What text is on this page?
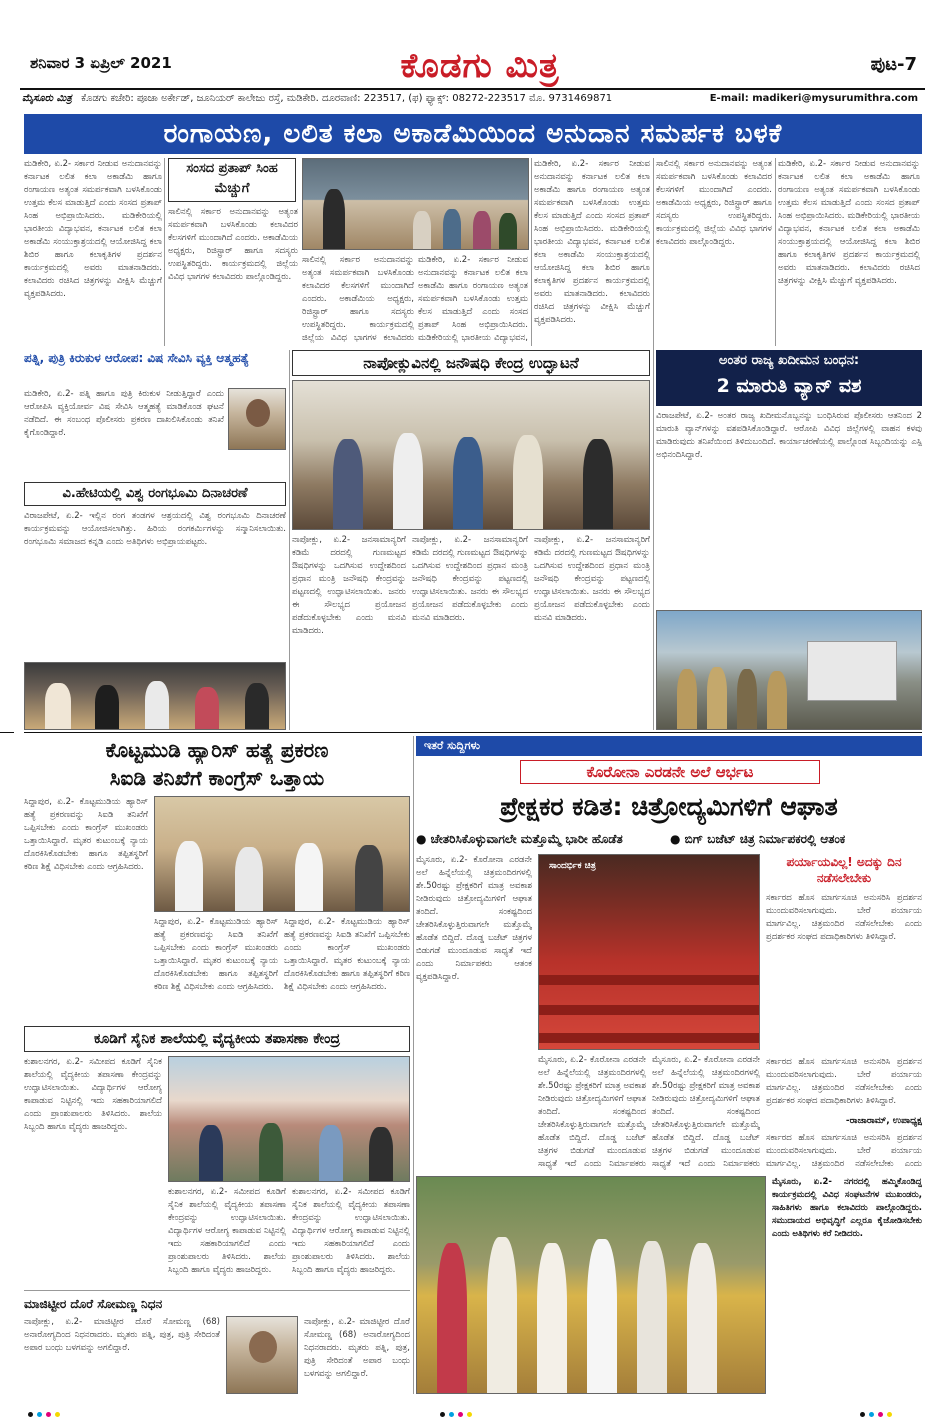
ಶನಿವಾರ 3 ಏಪ್ರಿಲ್ 2021	ಕೊಡಗು ಮಿತ್ರ	ಪುಟ-7
ಮೈಸೂರು ಮಿತ್ರ ಕೊಡಗು ಕಚೇರಿ: ಪೂಜಾ ಅರ್ಕೇಡ್, ಜೂನಿಯರ್ ಕಾಲೇಜು ರಸ್ತೆ, ಮಡಿಕೇರಿ. ದೂರವಾಣಿ: 223517, (ಫ) ಫ್ಯಾಕ್ಸ್: 08272-223517 ಮೊ. 9731469871	E-mail: madikeri@mysurumithra.com
ರಂಗಾಯಣ, ಲಲಿತ ಕಲಾ ಅಕಾಡೆಮಿಯಿಂದ ಅನುದಾನ ಸಮರ್ಪಕ ಬಳಕೆ
ಮಡಿಕೇರಿ, ಏ.2- ಸರ್ಕಾರ ನೀಡುವ ಅನುದಾನವನ್ನು ಕರ್ನಾಟಕ ಲಲಿತ ಕಲಾ ಅಕಾಡೆಮಿ ಹಾಗೂ ರಂಗಾಯಣ ಅತ್ಯಂತ ಸಮರ್ಪಕವಾಗಿ ಬಳಸಿಕೊಂಡು ಉತ್ತಮ ಕೆಲಸ ಮಾಡುತ್ತಿದೆ ಎಂದು ಸಂಸದ ಪ್ರತಾಪ್ ಸಿಂಹ ಅಭಿಪ್ರಾಯಿಸಿದರು. ಮಡಿಕೇರಿಯಲ್ಲಿ ಭಾರತೀಯ ವಿದ್ಯಾಭವನ, ಕರ್ನಾಟಕ ಲಲಿತ ಕಲಾ ಅಕಾಡೆಮಿ ಸಂಯುಕ್ತಾಶ್ರಯದಲ್ಲಿ ಆಯೋಜಿಸಿದ್ದ ಕಲಾ ಶಿಬಿರ ಹಾಗೂ ಕಲಾಕೃತಿಗಳ ಪ್ರದರ್ಶನ ಕಾರ್ಯಕ್ರಮದಲ್ಲಿ ಅವರು ಮಾತನಾಡಿದರು. ಕಲಾವಿದರು ರಚಿಸಿದ ಚಿತ್ರಗಳನ್ನು ವೀಕ್ಷಿಸಿ ಮೆಚ್ಚುಗೆ ವ್ಯಕ್ತಪಡಿಸಿದರು.
ಸಂಸದ ಪ್ರತಾಪ್ ಸಿಂಹ ಮೆಚ್ಚುಗೆ
ಸಾಲಿನಲ್ಲಿ ಸರ್ಕಾರ ಅನುದಾನವನ್ನು ಅತ್ಯಂತ ಸಮರ್ಪಕವಾಗಿ ಬಳಸಿಕೊಂಡು ಕಲಾವಿದರ ಕೆಲಸಗಳಿಗೆ ಮುಂದಾಗಿದೆ ಎಂದರು. ಅಕಾಡೆಮಿಯ ಅಧ್ಯಕ್ಷರು, ರಿಜಿಸ್ಟ್ರಾರ್ ಹಾಗೂ ಸದಸ್ಯರು ಉಪಸ್ಥಿತರಿದ್ದರು. ಕಾರ್ಯಕ್ರಮದಲ್ಲಿ ಜಿಲ್ಲೆಯ ವಿವಿಧ ಭಾಗಗಳ ಕಲಾವಿದರು ಪಾಲ್ಗೊಂಡಿದ್ದರು.
ಸಾಲಿನಲ್ಲಿ ಸರ್ಕಾರ ಅನುದಾನವನ್ನು ಅತ್ಯಂತ ಸಮರ್ಪಕವಾಗಿ ಬಳಸಿಕೊಂಡು ಕಲಾವಿದರ ಕೆಲಸಗಳಿಗೆ ಮುಂದಾಗಿದೆ ಎಂದರು. ಅಕಾಡೆಮಿಯ ಅಧ್ಯಕ್ಷರು, ರಿಜಿಸ್ಟ್ರಾರ್ ಹಾಗೂ ಸದಸ್ಯರು ಉಪಸ್ಥಿತರಿದ್ದರು. ಕಾರ್ಯಕ್ರಮದಲ್ಲಿ ಜಿಲ್ಲೆಯ ವಿವಿಧ ಭಾಗಗಳ ಕಲಾವಿದರು
ಮಡಿಕೇರಿ, ಏ.2- ಸರ್ಕಾರ ನೀಡುವ ಅನುದಾನವನ್ನು ಕರ್ನಾಟಕ ಲಲಿತ ಕಲಾ ಅಕಾಡೆಮಿ ಹಾಗೂ ರಂಗಾಯಣ ಅತ್ಯಂತ ಸಮರ್ಪಕವಾಗಿ ಬಳಸಿಕೊಂಡು ಉತ್ತಮ ಕೆಲಸ ಮಾಡುತ್ತಿದೆ ಎಂದು ಸಂಸದ ಪ್ರತಾಪ್ ಸಿಂಹ ಅಭಿಪ್ರಾಯಿಸಿದರು. ಮಡಿಕೇರಿಯಲ್ಲಿ ಭಾರತೀಯ ವಿದ್ಯಾಭವನ,
ಮಡಿಕೇರಿ, ಏ.2- ಸರ್ಕಾರ ನೀಡುವ ಅನುದಾನವನ್ನು ಕರ್ನಾಟಕ ಲಲಿತ ಕಲಾ ಅಕಾಡೆಮಿ ಹಾಗೂ ರಂಗಾಯಣ ಅತ್ಯಂತ ಸಮರ್ಪಕವಾಗಿ ಬಳಸಿಕೊಂಡು ಉತ್ತಮ ಕೆಲಸ ಮಾಡುತ್ತಿದೆ ಎಂದು ಸಂಸದ ಪ್ರತಾಪ್ ಸಿಂಹ ಅಭಿಪ್ರಾಯಿಸಿದರು. ಮಡಿಕೇರಿಯಲ್ಲಿ ಭಾರತೀಯ ವಿದ್ಯಾಭವನ, ಕರ್ನಾಟಕ ಲಲಿತ ಕಲಾ ಅಕಾಡೆಮಿ ಸಂಯುಕ್ತಾಶ್ರಯದಲ್ಲಿ ಆಯೋಜಿಸಿದ್ದ ಕಲಾ ಶಿಬಿರ ಹಾಗೂ ಕಲಾಕೃತಿಗಳ ಪ್ರದರ್ಶನ ಕಾರ್ಯಕ್ರಮದಲ್ಲಿ ಅವರು ಮಾತನಾಡಿದರು. ಕಲಾವಿದರು ರಚಿಸಿದ ಚಿತ್ರಗಳನ್ನು ವೀಕ್ಷಿಸಿ ಮೆಚ್ಚುಗೆ ವ್ಯಕ್ತಪಡಿಸಿದರು.
ಸಾಲಿನಲ್ಲಿ ಸರ್ಕಾರ ಅನುದಾನವನ್ನು ಅತ್ಯಂತ ಸಮರ್ಪಕವಾಗಿ ಬಳಸಿಕೊಂಡು ಕಲಾವಿದರ ಕೆಲಸಗಳಿಗೆ ಮುಂದಾಗಿದೆ ಎಂದರು. ಅಕಾಡೆಮಿಯ ಅಧ್ಯಕ್ಷರು, ರಿಜಿಸ್ಟ್ರಾರ್ ಹಾಗೂ ಸದಸ್ಯರು ಉಪಸ್ಥಿತರಿದ್ದರು. ಕಾರ್ಯಕ್ರಮದಲ್ಲಿ ಜಿಲ್ಲೆಯ ವಿವಿಧ ಭಾಗಗಳ ಕಲಾವಿದರು ಪಾಲ್ಗೊಂಡಿದ್ದರು.
ಮಡಿಕೇರಿ, ಏ.2- ಸರ್ಕಾರ ನೀಡುವ ಅನುದಾನವನ್ನು ಕರ್ನಾಟಕ ಲಲಿತ ಕಲಾ ಅಕಾಡೆಮಿ ಹಾಗೂ ರಂಗಾಯಣ ಅತ್ಯಂತ ಸಮರ್ಪಕವಾಗಿ ಬಳಸಿಕೊಂಡು ಉತ್ತಮ ಕೆಲಸ ಮಾಡುತ್ತಿದೆ ಎಂದು ಸಂಸದ ಪ್ರತಾಪ್ ಸಿಂಹ ಅಭಿಪ್ರಾಯಿಸಿದರು. ಮಡಿಕೇರಿಯಲ್ಲಿ ಭಾರತೀಯ ವಿದ್ಯಾಭವನ, ಕರ್ನಾಟಕ ಲಲಿತ ಕಲಾ ಅಕಾಡೆಮಿ ಸಂಯುಕ್ತಾಶ್ರಯದಲ್ಲಿ ಆಯೋಜಿಸಿದ್ದ ಕಲಾ ಶಿಬಿರ ಹಾಗೂ ಕಲಾಕೃತಿಗಳ ಪ್ರದರ್ಶನ ಕಾರ್ಯಕ್ರಮದಲ್ಲಿ ಅವರು ಮಾತನಾಡಿದರು. ಕಲಾವಿದರು ರಚಿಸಿದ ಚಿತ್ರಗಳನ್ನು ವೀಕ್ಷಿಸಿ ಮೆಚ್ಚುಗೆ ವ್ಯಕ್ತಪಡಿಸಿದರು.
ಪತ್ನಿ, ಪುತ್ರಿ ಕಿರುಕುಳ ಆರೋಪ: ವಿಷ ಸೇವಿಸಿ ವ್ಯಕ್ತಿ ಆತ್ಮಹತ್ಯೆ
ಮಡಿಕೇರಿ, ಏ.2- ಪತ್ನಿ ಹಾಗೂ ಪುತ್ರಿ ಕಿರುಕುಳ ನೀಡುತ್ತಿದ್ದಾರೆ ಎಂದು ಆರೋಪಿಸಿ ವ್ಯಕ್ತಿಯೋರ್ವ ವಿಷ ಸೇವಿಸಿ ಆತ್ಮಹತ್ಯೆ ಮಾಡಿಕೊಂಡ ಘಟನೆ ನಡೆದಿದೆ. ಈ ಸಂಬಂಧ ಪೊಲೀಸರು ಪ್ರಕರಣ ದಾಖಲಿಸಿಕೊಂಡು ತನಿಖೆ ಕೈಗೊಂಡಿದ್ದಾರೆ.
ವಿ.ಹೇಟಿಯಲ್ಲಿ ವಿಶ್ವ ರಂಗಭೂಮಿ ದಿನಾಚರಣೆ
ವಿರಾಜಪೇಟೆ, ಏ.2- ಇಲ್ಲಿನ ರಂಗ ತಂಡಗಳ ಆಶ್ರಯದಲ್ಲಿ ವಿಶ್ವ ರಂಗಭೂಮಿ ದಿನಾಚರಣೆ ಕಾರ್ಯಕ್ರಮವನ್ನು ಆಯೋಜಿಸಲಾಗಿತ್ತು. ಹಿರಿಯ ರಂಗಕರ್ಮಿಗಳನ್ನು ಸನ್ಮಾನಿಸಲಾಯಿತು. ರಂಗಭೂಮಿ ಸಮಾಜದ ಕನ್ನಡಿ ಎಂದು ಅತಿಥಿಗಳು ಅಭಿಪ್ರಾಯಪಟ್ಟರು.
ನಾಪೋಕ್ಲುವಿನಲ್ಲಿ ಜನೌಷಧಿ ಕೇಂದ್ರ ಉದ್ಘಾಟನೆ
ನಾಪೋಕ್ಲು, ಏ.2- ಜನಸಾಮಾನ್ಯರಿಗೆ ಕಡಿಮೆ ದರದಲ್ಲಿ ಗುಣಮಟ್ಟದ ಔಷಧಿಗಳನ್ನು ಒದಗಿಸುವ ಉದ್ದೇಶದಿಂದ ಪ್ರಧಾನ ಮಂತ್ರಿ ಜನೌಷಧಿ ಕೇಂದ್ರವನ್ನು ಪಟ್ಟಣದಲ್ಲಿ ಉದ್ಘಾಟಿಸಲಾಯಿತು. ಜನರು ಈ ಸೌಲಭ್ಯದ ಪ್ರಯೋಜನ ಪಡೆದುಕೊಳ್ಳಬೇಕು ಎಂದು ಮನವಿ ಮಾಡಿದರು.
ನಾಪೋಕ್ಲು, ಏ.2- ಜನಸಾಮಾನ್ಯರಿಗೆ ಕಡಿಮೆ ದರದಲ್ಲಿ ಗುಣಮಟ್ಟದ ಔಷಧಿಗಳನ್ನು ಒದಗಿಸುವ ಉದ್ದೇಶದಿಂದ ಪ್ರಧಾನ ಮಂತ್ರಿ ಜನೌಷಧಿ ಕೇಂದ್ರವನ್ನು ಪಟ್ಟಣದಲ್ಲಿ ಉದ್ಘಾಟಿಸಲಾಯಿತು. ಜನರು ಈ ಸೌಲಭ್ಯದ ಪ್ರಯೋಜನ ಪಡೆದುಕೊಳ್ಳಬೇಕು ಎಂದು ಮನವಿ ಮಾಡಿದರು.
ನಾಪೋಕ್ಲು, ಏ.2- ಜನಸಾಮಾನ್ಯರಿಗೆ ಕಡಿಮೆ ದರದಲ್ಲಿ ಗುಣಮಟ್ಟದ ಔಷಧಿಗಳನ್ನು ಒದಗಿಸುವ ಉದ್ದೇಶದಿಂದ ಪ್ರಧಾನ ಮಂತ್ರಿ ಜನೌಷಧಿ ಕೇಂದ್ರವನ್ನು ಪಟ್ಟಣದಲ್ಲಿ ಉದ್ಘಾಟಿಸಲಾಯಿತು. ಜನರು ಈ ಸೌಲಭ್ಯದ ಪ್ರಯೋಜನ ಪಡೆದುಕೊಳ್ಳಬೇಕು ಎಂದು ಮನವಿ ಮಾಡಿದರು.
ಅಂತರ ರಾಜ್ಯ ಖದೀಮನ ಬಂಧನ:
2 ಮಾರುತಿ ವ್ಯಾನ್ ವಶ
ವಿರಾಜಪೇಟೆ, ಏ.2- ಅಂತರ ರಾಜ್ಯ ಖದೀಮನೊಬ್ಬನನ್ನು ಬಂಧಿಸಿರುವ ಪೊಲೀಸರು ಆತನಿಂದ 2 ಮಾರುತಿ ವ್ಯಾನ್‌ಗಳನ್ನು ವಶಪಡಿಸಿಕೊಂಡಿದ್ದಾರೆ. ಆರೋಪಿ ವಿವಿಧ ಜಿಲ್ಲೆಗಳಲ್ಲಿ ವಾಹನ ಕಳವು ಮಾಡಿರುವುದು ತನಿಖೆಯಿಂದ ತಿಳಿದುಬಂದಿದೆ. ಕಾರ್ಯಾಚರಣೆಯಲ್ಲಿ ಪಾಲ್ಗೊಂಡ ಸಿಬ್ಬಂದಿಯನ್ನು ಎಸ್ಪಿ ಅಭಿನಂದಿಸಿದ್ದಾರೆ.
ಕೊಟ್ಟಮುಡಿ ಹ್ಯಾರಿಸ್ ಹತ್ಯೆ ಪ್ರಕರಣ
ಸಿಐಡಿ ತನಿಖೆಗೆ ಕಾಂಗ್ರೆಸ್ ಒತ್ತಾಯ
ಸಿದ್ದಾಪುರ, ಏ.2- ಕೊಟ್ಟಮುಡಿಯ ಹ್ಯಾರಿಸ್ ಹತ್ಯೆ ಪ್ರಕರಣವನ್ನು ಸಿಐಡಿ ತನಿಖೆಗೆ ಒಪ್ಪಿಸಬೇಕು ಎಂದು ಕಾಂಗ್ರೆಸ್ ಮುಖಂಡರು ಒತ್ತಾಯಿಸಿದ್ದಾರೆ. ಮೃತರ ಕುಟುಂಬಕ್ಕೆ ನ್ಯಾಯ ದೊರಕಿಸಿಕೊಡಬೇಕು ಹಾಗೂ ತಪ್ಪಿತಸ್ಥರಿಗೆ ಕಠಿಣ ಶಿಕ್ಷೆ ವಿಧಿಸಬೇಕು ಎಂದು ಆಗ್ರಹಿಸಿದರು.
ಸಿದ್ದಾಪುರ, ಏ.2- ಕೊಟ್ಟಮುಡಿಯ ಹ್ಯಾರಿಸ್ ಹತ್ಯೆ ಪ್ರಕರಣವನ್ನು ಸಿಐಡಿ ತನಿಖೆಗೆ ಒಪ್ಪಿಸಬೇಕು ಎಂದು ಕಾಂಗ್ರೆಸ್ ಮುಖಂಡರು ಒತ್ತಾಯಿಸಿದ್ದಾರೆ. ಮೃತರ ಕುಟುಂಬಕ್ಕೆ ನ್ಯಾಯ ದೊರಕಿಸಿಕೊಡಬೇಕು ಹಾಗೂ ತಪ್ಪಿತಸ್ಥರಿಗೆ ಕಠಿಣ ಶಿಕ್ಷೆ ವಿಧಿಸಬೇಕು ಎಂದು ಆಗ್ರಹಿಸಿದರು.
ಸಿದ್ದಾಪುರ, ಏ.2- ಕೊಟ್ಟಮುಡಿಯ ಹ್ಯಾರಿಸ್ ಹತ್ಯೆ ಪ್ರಕರಣವನ್ನು ಸಿಐಡಿ ತನಿಖೆಗೆ ಒಪ್ಪಿಸಬೇಕು ಎಂದು ಕಾಂಗ್ರೆಸ್ ಮುಖಂಡರು ಒತ್ತಾಯಿಸಿದ್ದಾರೆ. ಮೃತರ ಕುಟುಂಬಕ್ಕೆ ನ್ಯಾಯ ದೊರಕಿಸಿಕೊಡಬೇಕು ಹಾಗೂ ತಪ್ಪಿತಸ್ಥರಿಗೆ ಕಠಿಣ ಶಿಕ್ಷೆ ವಿಧಿಸಬೇಕು ಎಂದು ಆಗ್ರಹಿಸಿದರು.
ಕೂಡಿಗೆ ಸೈನಿಕ ಶಾಲೆಯಲ್ಲಿ ವೈದ್ಯಕೀಯ ತಪಾಸಣಾ ಕೇಂದ್ರ
ಕುಶಾಲನಗರ, ಏ.2- ಸಮೀಪದ ಕೂಡಿಗೆ ಸೈನಿಕ ಶಾಲೆಯಲ್ಲಿ ವೈದ್ಯಕೀಯ ತಪಾಸಣಾ ಕೇಂದ್ರವನ್ನು ಉದ್ಘಾಟಿಸಲಾಯಿತು. ವಿದ್ಯಾರ್ಥಿಗಳ ಆರೋಗ್ಯ ಕಾಪಾಡುವ ನಿಟ್ಟಿನಲ್ಲಿ ಇದು ಸಹಕಾರಿಯಾಗಲಿದೆ ಎಂದು ಪ್ರಾಂಶುಪಾಲರು ತಿಳಿಸಿದರು. ಶಾಲೆಯ ಸಿಬ್ಬಂದಿ ಹಾಗೂ ವೈದ್ಯರು ಹಾಜರಿದ್ದರು.
ಕುಶಾಲನಗರ, ಏ.2- ಸಮೀಪದ ಕೂಡಿಗೆ ಸೈನಿಕ ಶಾಲೆಯಲ್ಲಿ ವೈದ್ಯಕೀಯ ತಪಾಸಣಾ ಕೇಂದ್ರವನ್ನು ಉದ್ಘಾಟಿಸಲಾಯಿತು. ವಿದ್ಯಾರ್ಥಿಗಳ ಆರೋಗ್ಯ ಕಾಪಾಡುವ ನಿಟ್ಟಿನಲ್ಲಿ ಇದು ಸಹಕಾರಿಯಾಗಲಿದೆ ಎಂದು ಪ್ರಾಂಶುಪಾಲರು ತಿಳಿಸಿದರು. ಶಾಲೆಯ ಸಿಬ್ಬಂದಿ ಹಾಗೂ ವೈದ್ಯರು ಹಾಜರಿದ್ದರು.
ಕುಶಾಲನಗರ, ಏ.2- ಸಮೀಪದ ಕೂಡಿಗೆ ಸೈನಿಕ ಶಾಲೆಯಲ್ಲಿ ವೈದ್ಯಕೀಯ ತಪಾಸಣಾ ಕೇಂದ್ರವನ್ನು ಉದ್ಘಾಟಿಸಲಾಯಿತು. ವಿದ್ಯಾರ್ಥಿಗಳ ಆರೋಗ್ಯ ಕಾಪಾಡುವ ನಿಟ್ಟಿನಲ್ಲಿ ಇದು ಸಹಕಾರಿಯಾಗಲಿದೆ ಎಂದು ಪ್ರಾಂಶುಪಾಲರು ತಿಳಿಸಿದರು. ಶಾಲೆಯ ಸಿಬ್ಬಂದಿ ಹಾಗೂ ವೈದ್ಯರು ಹಾಜರಿದ್ದರು.
ಮಾಜಿಟ್ಟೀರ ದೊರೆ ಸೋಮಣ್ಣ ನಿಧನ
ನಾಪೋಕ್ಲು, ಏ.2- ಮಾಜಿಟ್ಟೀರ ದೊರೆ ಸೋಮಣ್ಣ (68) ಅನಾರೋಗ್ಯದಿಂದ ನಿಧನರಾದರು. ಮೃತರು ಪತ್ನಿ, ಪುತ್ರ, ಪುತ್ರಿ ಸೇರಿದಂತೆ ಅಪಾರ ಬಂಧು ಬಳಗವನ್ನು ಅಗಲಿದ್ದಾರೆ.
ನಾಪೋಕ್ಲು, ಏ.2- ಮಾಜಿಟ್ಟೀರ ದೊರೆ ಸೋಮಣ್ಣ (68) ಅನಾರೋಗ್ಯದಿಂದ ನಿಧನರಾದರು. ಮೃತರು ಪತ್ನಿ, ಪುತ್ರ, ಪುತ್ರಿ ಸೇರಿದಂತೆ ಅಪಾರ ಬಂಧು ಬಳಗವನ್ನು ಅಗಲಿದ್ದಾರೆ.
ಇತರೆ ಸುದ್ದಿಗಳು
ಕೊರೋನಾ ಎರಡನೇ ಅಲೆ ಆರ್ಭಟ
ಪ್ರೇಕ್ಷಕರ ಕಡಿತ: ಚಿತ್ರೋದ್ಯಮಿಗಳಿಗೆ ಆಘಾತ
● ಚೇತರಿಸಿಕೊಳ್ಳುವಾಗಲೇ ಮತ್ತೊಮ್ಮೆ ಭಾರೀ ಹೊಡೆತ	● ಬಿಗ್ ಬಜೆಟ್ ಚಿತ್ರ ನಿರ್ಮಾಪಕರಲ್ಲಿ ಆತಂಕ
ಮೈಸೂರು, ಏ.2- ಕೊರೋನಾ ಎರಡನೇ ಅಲೆ ಹಿನ್ನೆಲೆಯಲ್ಲಿ ಚಿತ್ರಮಂದಿರಗಳಲ್ಲಿ ಶೇ.50ರಷ್ಟು ಪ್ರೇಕ್ಷಕರಿಗೆ ಮಾತ್ರ ಅವಕಾಶ ನೀಡಿರುವುದು ಚಿತ್ರೋದ್ಯಮಿಗಳಿಗೆ ಆಘಾತ ತಂದಿದೆ. ಸಂಕಷ್ಟದಿಂದ ಚೇತರಿಸಿಕೊಳ್ಳುತ್ತಿರುವಾಗಲೇ ಮತ್ತೊಮ್ಮೆ ಹೊಡೆತ ಬಿದ್ದಿದೆ. ದೊಡ್ಡ ಬಜೆಟ್ ಚಿತ್ರಗಳ ಬಿಡುಗಡೆ ಮುಂದೂಡುವ ಸಾಧ್ಯತೆ ಇದೆ ಎಂದು ನಿರ್ಮಾಪಕರು ಆತಂಕ ವ್ಯಕ್ತಪಡಿಸಿದ್ದಾರೆ.
ಸಾಂದರ್ಭಿಕ ಚಿತ್ರ	ಪರ್ಯಾಯವಿಲ್ಲ! ಅದಕ್ಕು ದಿನ ನಡೆಸಲೇಬೇಕು
ಸರ್ಕಾರದ ಹೊಸ ಮಾರ್ಗಸೂಚಿ ಅನುಸರಿಸಿ ಪ್ರದರ್ಶನ ಮುಂದುವರಿಸಲಾಗುವುದು. ಬೇರೆ ಪರ್ಯಾಯ ಮಾರ್ಗವಿಲ್ಲ. ಚಿತ್ರಮಂದಿರ ನಡೆಸಲೇಬೇಕು ಎಂದು ಪ್ರದರ್ಶಕರ ಸಂಘದ ಪದಾಧಿಕಾರಿಗಳು ತಿಳಿಸಿದ್ದಾರೆ.
ಮೈಸೂರು, ಏ.2- ಕೊರೋನಾ ಎರಡನೇ ಅಲೆ ಹಿನ್ನೆಲೆಯಲ್ಲಿ ಚಿತ್ರಮಂದಿರಗಳಲ್ಲಿ ಶೇ.50ರಷ್ಟು ಪ್ರೇಕ್ಷಕರಿಗೆ ಮಾತ್ರ ಅವಕಾಶ ನೀಡಿರುವುದು ಚಿತ್ರೋದ್ಯಮಿಗಳಿಗೆ ಆಘಾತ ತಂದಿದೆ. ಸಂಕಷ್ಟದಿಂದ ಚೇತರಿಸಿಕೊಳ್ಳುತ್ತಿರುವಾಗಲೇ ಮತ್ತೊಮ್ಮೆ ಹೊಡೆತ ಬಿದ್ದಿದೆ. ದೊಡ್ಡ ಬಜೆಟ್ ಚಿತ್ರಗಳ ಬಿಡುಗಡೆ ಮುಂದೂಡುವ ಸಾಧ್ಯತೆ ಇದೆ ಎಂದು ನಿರ್ಮಾಪಕರು
ಮೈಸೂರು, ಏ.2- ಕೊರೋನಾ ಎರಡನೇ ಅಲೆ ಹಿನ್ನೆಲೆಯಲ್ಲಿ ಚಿತ್ರಮಂದಿರಗಳಲ್ಲಿ ಶೇ.50ರಷ್ಟು ಪ್ರೇಕ್ಷಕರಿಗೆ ಮಾತ್ರ ಅವಕಾಶ ನೀಡಿರುವುದು ಚಿತ್ರೋದ್ಯಮಿಗಳಿಗೆ ಆಘಾತ ತಂದಿದೆ. ಸಂಕಷ್ಟದಿಂದ ಚೇತರಿಸಿಕೊಳ್ಳುತ್ತಿರುವಾಗಲೇ ಮತ್ತೊಮ್ಮೆ ಹೊಡೆತ ಬಿದ್ದಿದೆ. ದೊಡ್ಡ ಬಜೆಟ್ ಚಿತ್ರಗಳ ಬಿಡುಗಡೆ ಮುಂದೂಡುವ ಸಾಧ್ಯತೆ ಇದೆ ಎಂದು ನಿರ್ಮಾಪಕರು
ಸರ್ಕಾರದ ಹೊಸ ಮಾರ್ಗಸೂಚಿ ಅನುಸರಿಸಿ ಪ್ರದರ್ಶನ ಮುಂದುವರಿಸಲಾಗುವುದು. ಬೇರೆ ಪರ್ಯಾಯ ಮಾರ್ಗವಿಲ್ಲ. ಚಿತ್ರಮಂದಿರ ನಡೆಸಲೇಬೇಕು ಎಂದು ಪ್ರದರ್ಶಕರ ಸಂಘದ ಪದಾಧಿಕಾರಿಗಳು ತಿಳಿಸಿದ್ದಾರೆ.
-ರಾಜಾರಾಮ್, ಉಪಾಧ್ಯಕ್ಷ
ಸರ್ಕಾರದ ಹೊಸ ಮಾರ್ಗಸೂಚಿ ಅನುಸರಿಸಿ ಪ್ರದರ್ಶನ ಮುಂದುವರಿಸಲಾಗುವುದು. ಬೇರೆ ಪರ್ಯಾಯ ಮಾರ್ಗವಿಲ್ಲ. ಚಿತ್ರಮಂದಿರ ನಡೆಸಲೇಬೇಕು ಎಂದು
ಮೈಸೂರು, ಏ.2- ನಗರದಲ್ಲಿ ಹಮ್ಮಿಕೊಂಡಿದ್ದ ಕಾರ್ಯಕ್ರಮದಲ್ಲಿ ವಿವಿಧ ಸಂಘಟನೆಗಳ ಮುಖಂಡರು, ಸಾಹಿತಿಗಳು ಹಾಗೂ ಕಲಾವಿದರು ಪಾಲ್ಗೊಂಡಿದ್ದರು. ಸಮುದಾಯದ ಅಭಿವೃದ್ಧಿಗೆ ಎಲ್ಲರೂ ಕೈಜೋಡಿಸಬೇಕು ಎಂದು ಅತಿಥಿಗಳು ಕರೆ ನೀಡಿದರು.
